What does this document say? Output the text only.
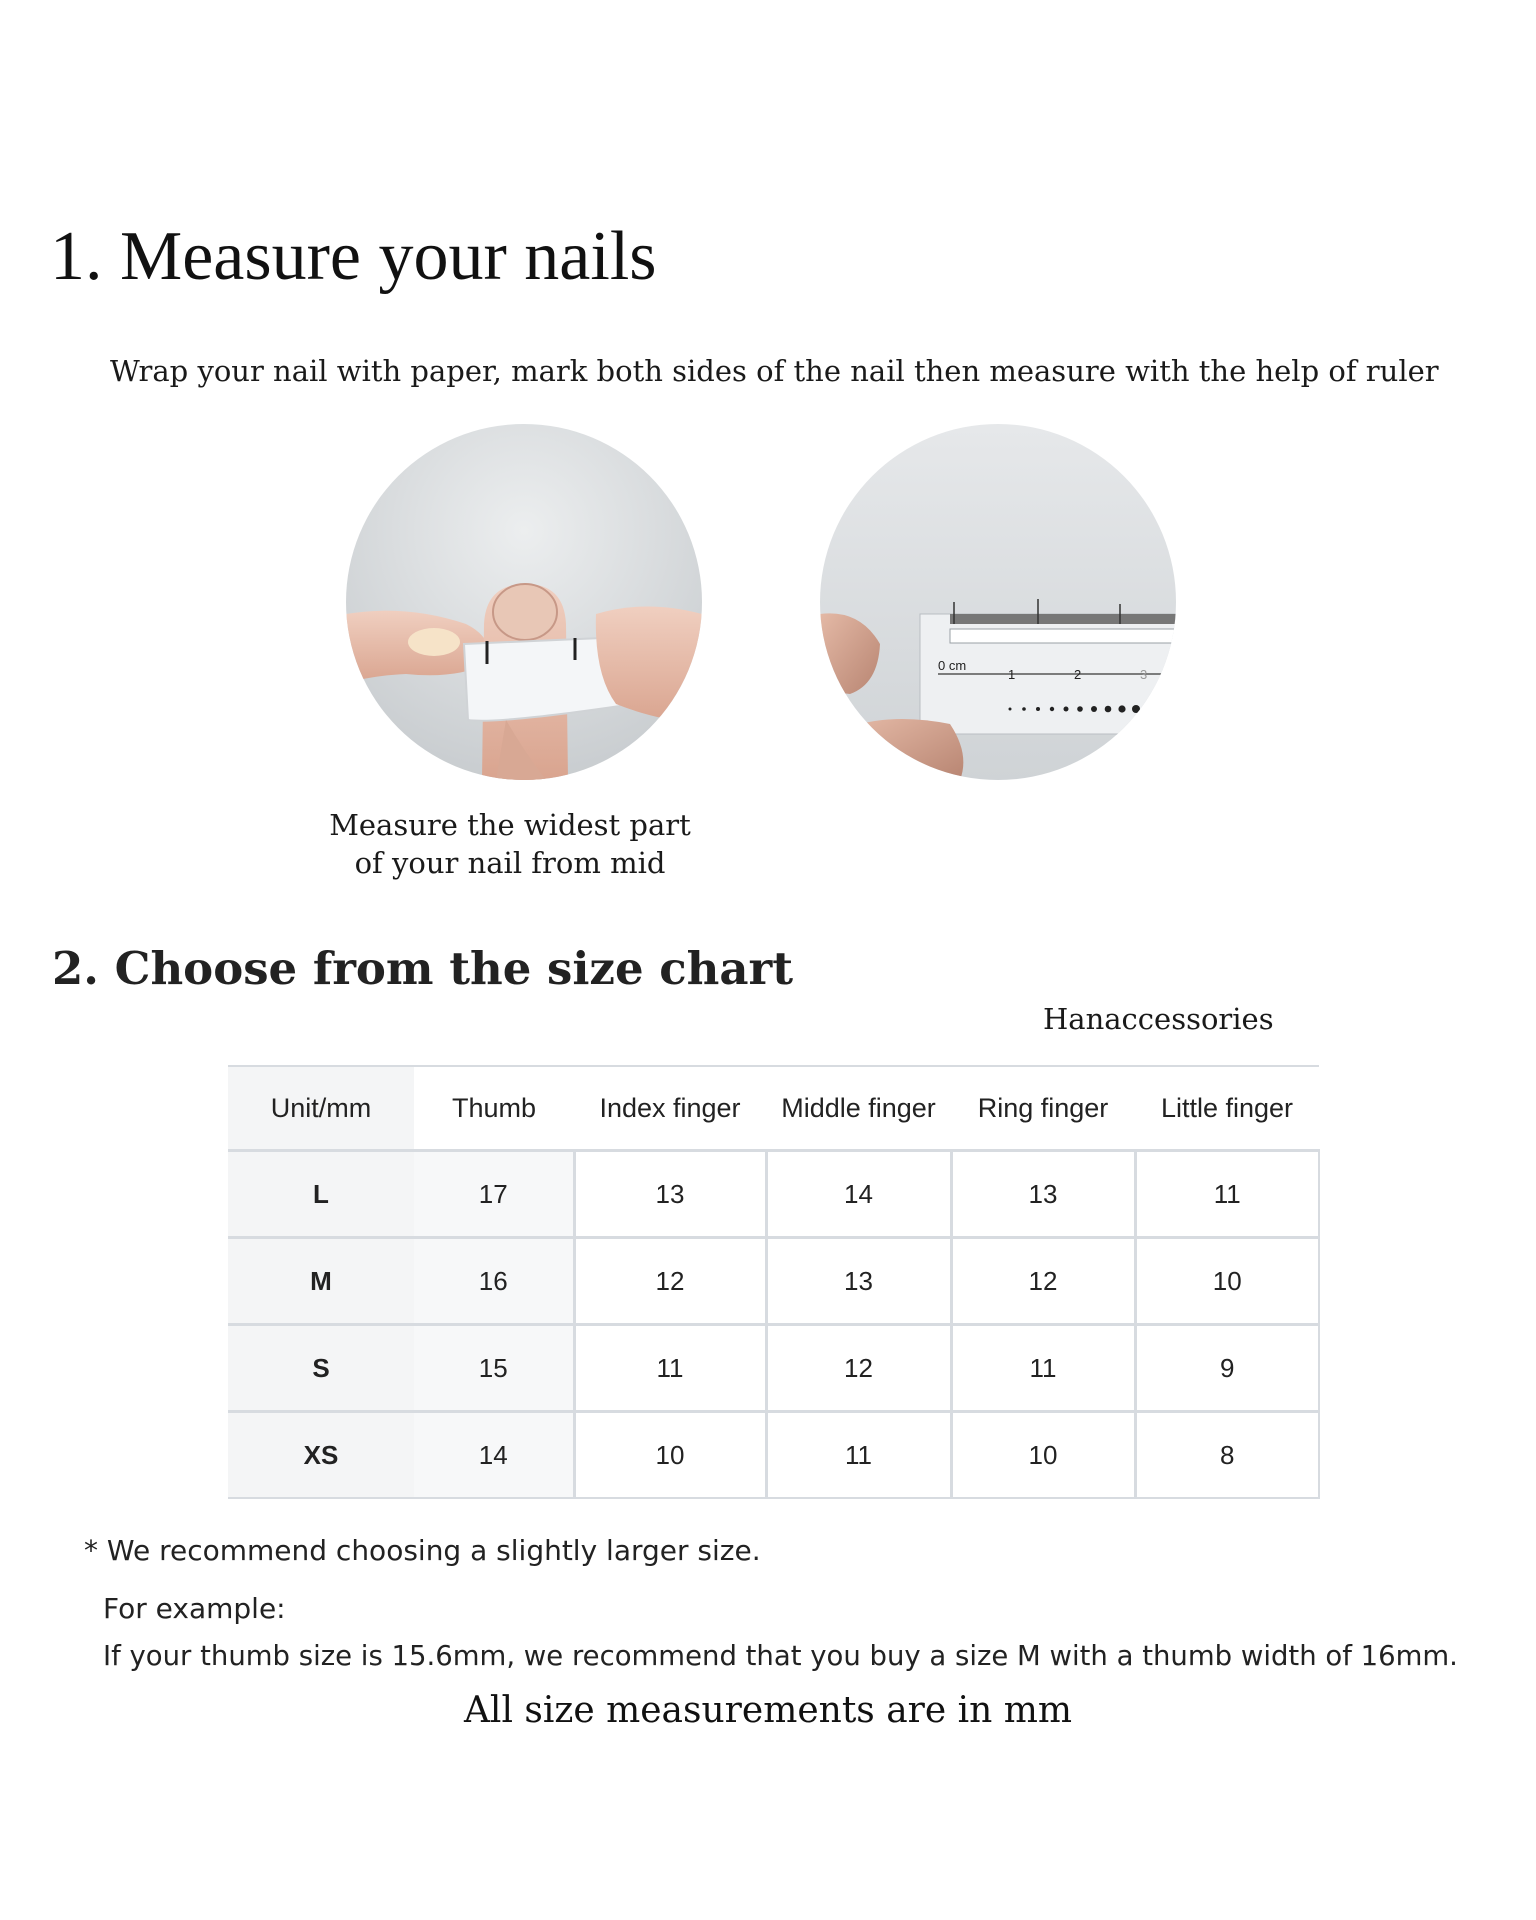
1. Measure your nails
Wrap your nail with paper, mark both sides of the nail then measure with the help of ruler
0 cm
1	2	3
Measure the widest part
of your nail from mid
2. Choose from the size chart
Hanaccessories
Unit/mm	Thumb	Index finger	Middle finger	Ring finger	Little finger
L	17	13	14	13	11
M	16	12	13	12	10
S	15	11	12	11	9
XS	14	10	11	10	8
* We recommend choosing a slightly larger size.
For example:
If your thumb size is 15.6mm, we recommend that you buy a size M with a thumb width of 16mm.
All size measurements are in mm
